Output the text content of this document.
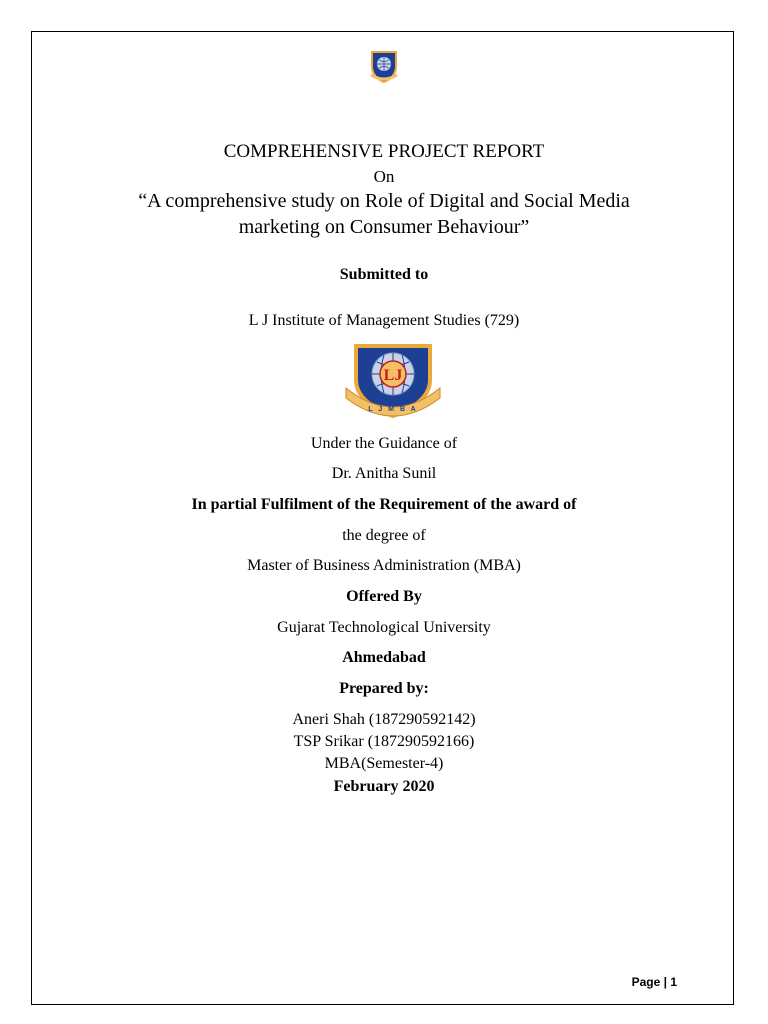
COMPREHENSIVE PROJECT REPORT
On
“A comprehensive study on Role of Digital and Social Media
marketing on Consumer Behaviour”
Submitted to
L J Institute of Management Studies (729)
LJ
L J M B A
Under the Guidance of
Dr. Anitha Sunil
In partial Fulfilment of the Requirement of the award of
the degree of
Master of Business Administration (MBA)
Offered By
Gujarat Technological University
Ahmedabad
Prepared by:
Aneri Shah (187290592142)
TSP Srikar (187290592166)
MBA(Semester-4)
February 2020
Page | 1
